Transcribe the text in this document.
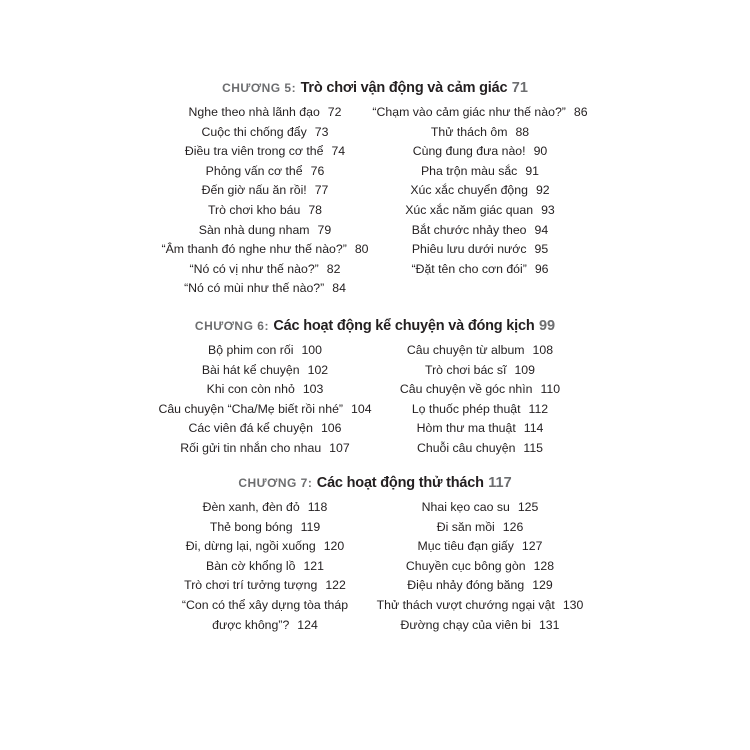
CHƯƠNG 5: Trò chơi vận động và cảm giác 71
Nghe theo nhà lãnh đạo 72
Cuộc thi chống đẩy 73
Điều tra viên trong cơ thể 74
Phỏng vấn cơ thể 76
Đến giờ nấu ăn rồi! 77
Trò chơi kho báu 78
Sàn nhà dung nham 79
“Âm thanh đó nghe như thế nào?” 80
“Nó có vị như thế nào?” 82
“Nó có mùi như thế nào?” 84
“Chạm vào cảm giác như thế nào?” 86
Thử thách ôm 88
Cùng đung đưa nào! 90
Pha trộn màu sắc 91
Xúc xắc chuyển động 92
Xúc xắc năm giác quan 93
Bắt chước nhảy theo 94
Phiêu lưu dưới nước 95
“Đặt tên cho cơn đói” 96
CHƯƠNG 6: Các hoạt động kể chuyện và đóng kịch 99
Bộ phim con rối 100
Bài hát kể chuyện 102
Khi con còn nhỏ 103
Câu chuyện “Cha/Mẹ biết rồi nhé” 104
Các viên đá kể chuyện 106
Rối gửi tin nhắn cho nhau 107
Câu chuyện từ album 108
Trò chơi bác sĩ 109
Câu chuyện về góc nhìn 110
Lọ thuốc phép thuật 112
Hòm thư ma thuật 114
Chuỗi câu chuyện 115
CHƯƠNG 7: Các hoạt động thử thách 117
Đèn xanh, đèn đỏ 118
Thẻ bong bóng 119
Đi, dừng lại, ngồi xuống 120
Bàn cờ khổng lồ 121
Trò chơi trí tưởng tượng 122
“Con có thể xây dựng tòa tháp
được không”? 124
Nhai kẹo cao su 125
Đi săn mồi 126
Mục tiêu đạn giấy 127
Chuyền cục bông gòn 128
Điệu nhảy đóng băng 129
Thử thách vượt chướng ngại vật 130
Đường chạy của viên bi 131
